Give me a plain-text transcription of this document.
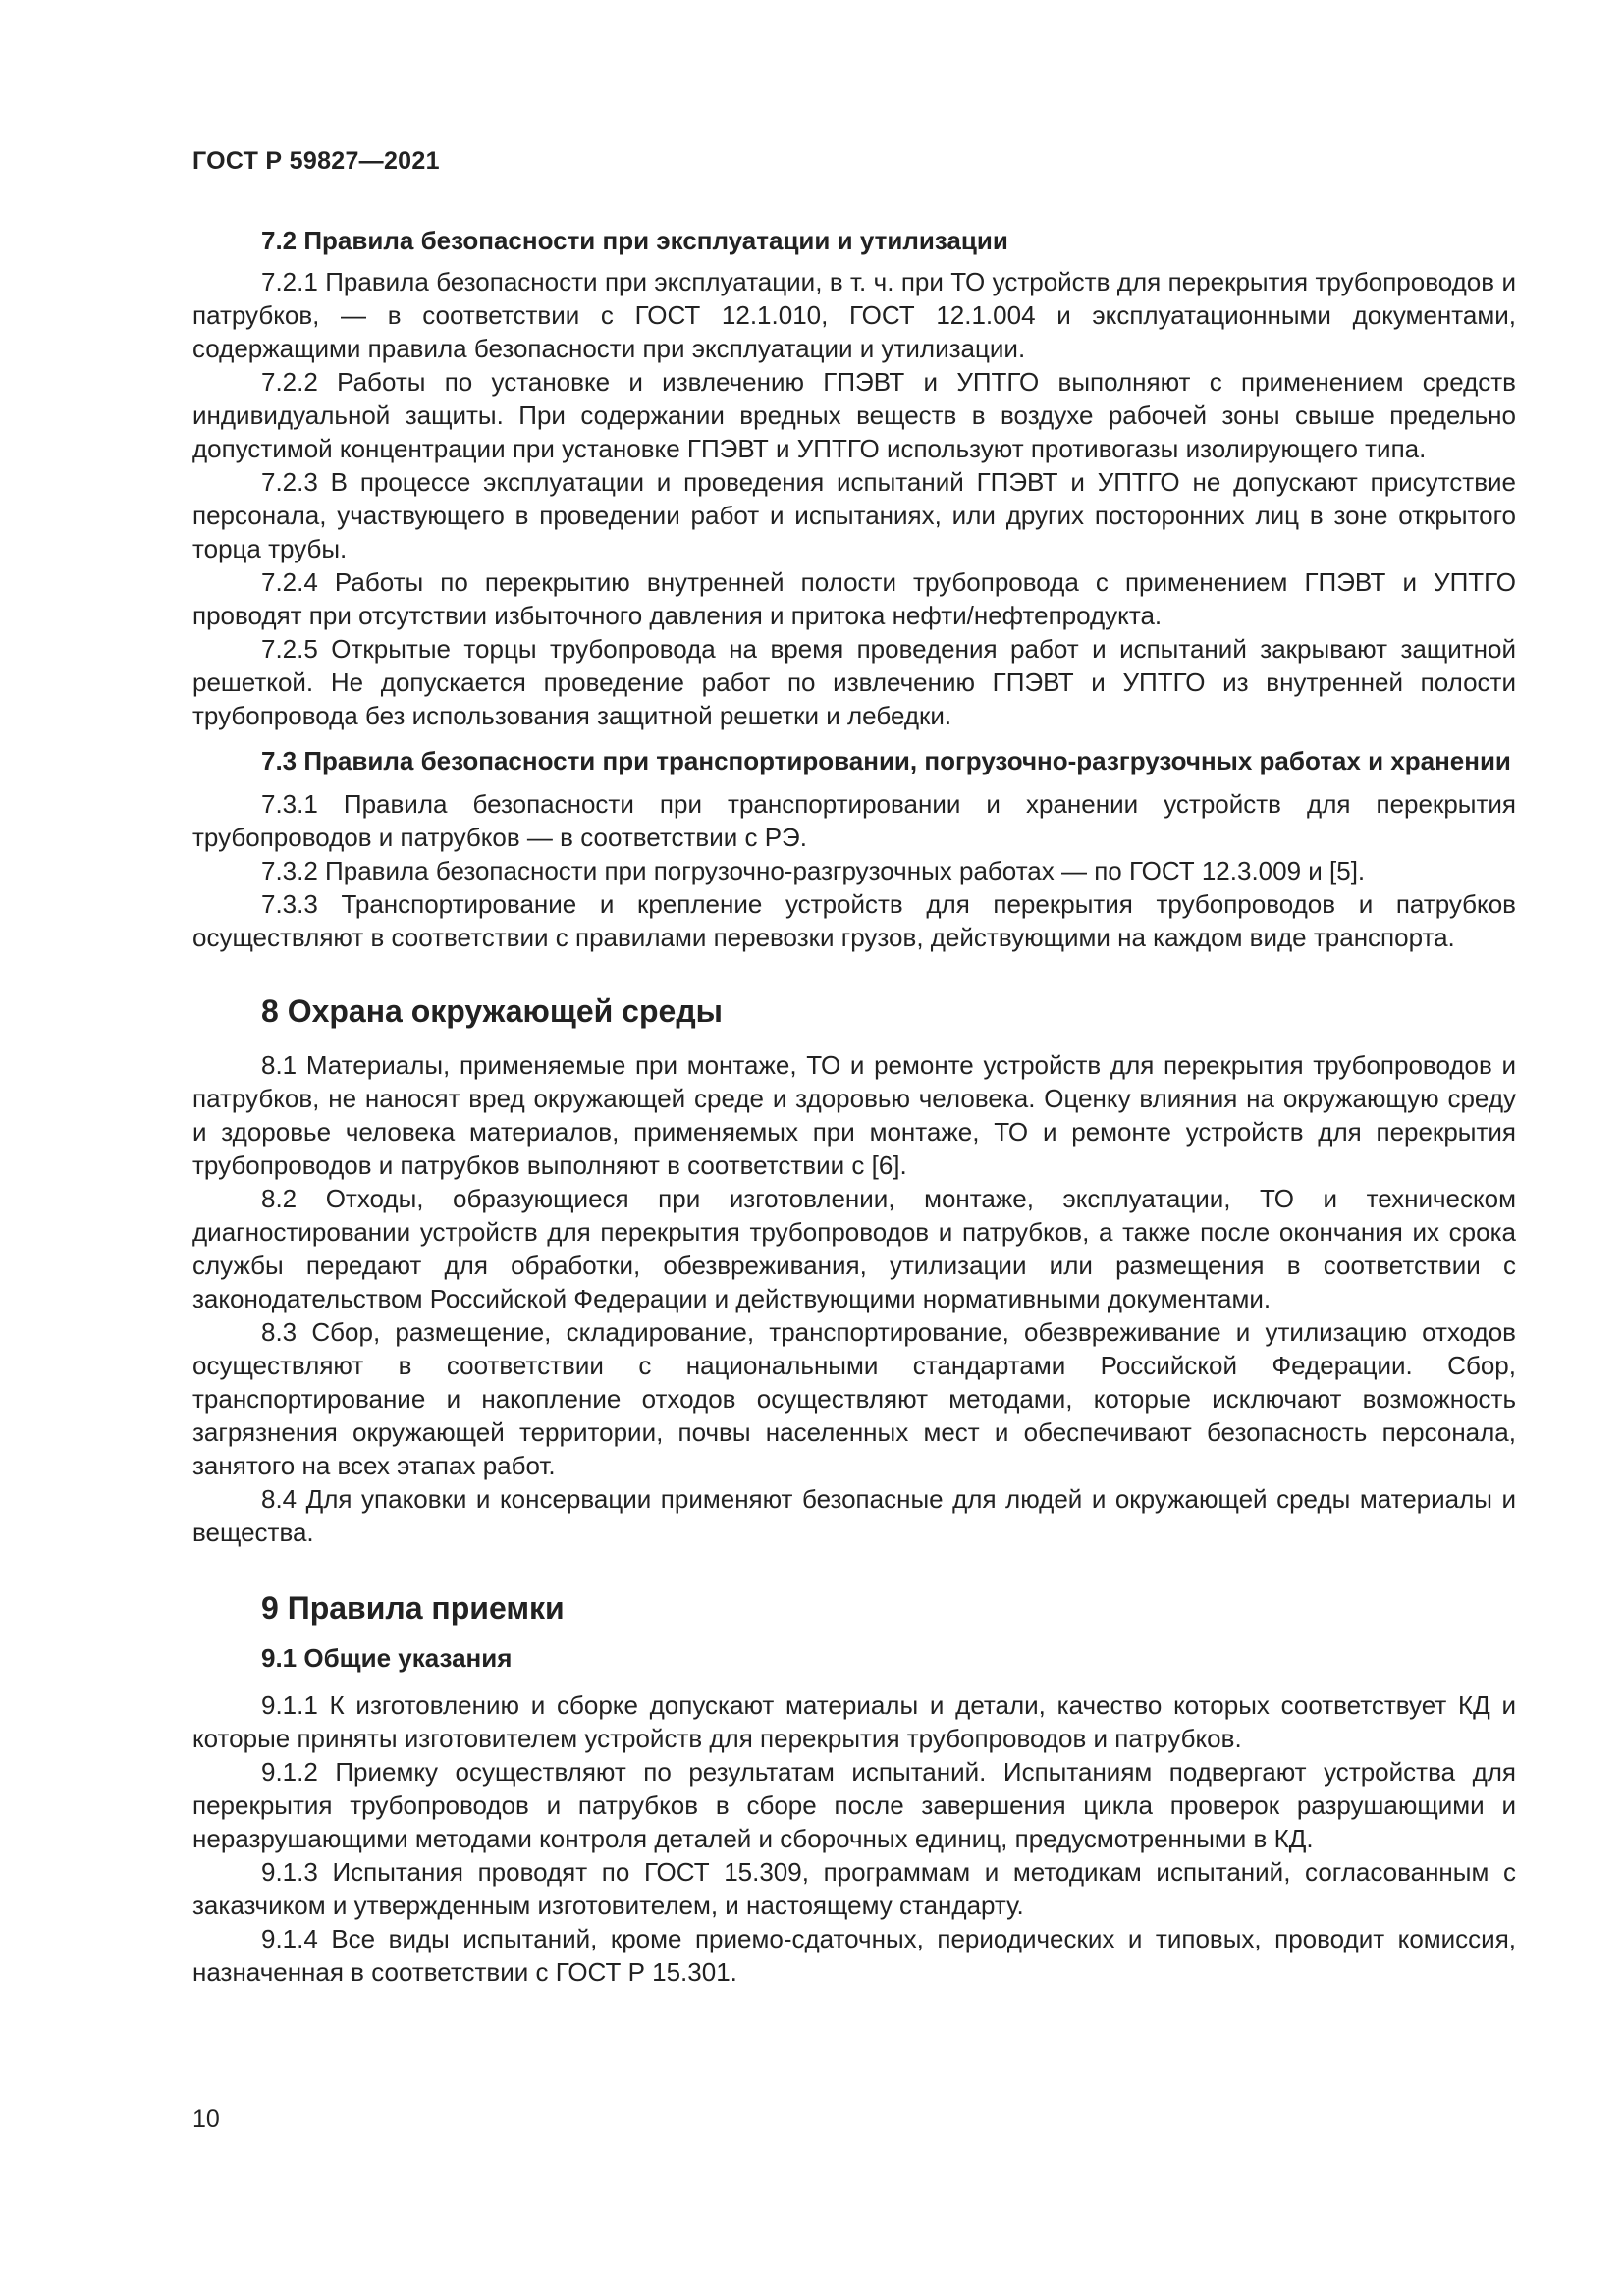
ГОСТ Р 59827—2021

7.2 Правила безопасности при эксплуатации и утилизации

7.2.1 Правила безопасности при эксплуатации, в т. ч. при ТО устройств для перекрытия трубопроводов и патрубков, — в соответствии с ГОСТ 12.1.010, ГОСТ 12.1.004 и эксплуатационными документами, содержащими правила безопасности при эксплуатации и утилизации.

7.2.2 Работы по установке и извлечению ГПЭВТ и УПТГО выполняют с применением средств индивидуальной защиты. При содержании вредных веществ в воздухе рабочей зоны свыше предельно допустимой концентрации при установке ГПЭВТ и УПТГО используют противогазы изолирующего типа.

7.2.3 В процессе эксплуатации и проведения испытаний ГПЭВТ и УПТГО не допускают присутствие персонала, участвующего в проведении работ и испытаниях, или других посторонних лиц в зоне открытого торца трубы.

7.2.4 Работы по перекрытию внутренней полости трубопровода с применением ГПЭВТ и УПТГО проводят при отсутствии избыточного давления и притока нефти/нефтепродукта.

7.2.5 Открытые торцы трубопровода на время проведения работ и испытаний закрывают защитной решеткой. Не допускается проведение работ по извлечению ГПЭВТ и УПТГО из внутренней полости трубопровода без использования защитной решетки и лебедки.

7.3 Правила безопасности при транспортировании, погрузочно-разгрузочных работах и хранении

7.3.1 Правила безопасности при транспортировании и хранении устройств для перекрытия трубопроводов и патрубков — в соответствии с РЭ.

7.3.2 Правила безопасности при погрузочно-разгрузочных работах — по ГОСТ 12.3.009 и [5].

7.3.3 Транспортирование и крепление устройств для перекрытия трубопроводов и патрубков осуществляют в соответствии с правилами перевозки грузов, действующими на каждом виде транспорта.

8 Охрана окружающей среды

8.1 Материалы, применяемые при монтаже, ТО и ремонте устройств для перекрытия трубопроводов и патрубков, не наносят вред окружающей среде и здоровью человека. Оценку влияния на окружающую среду и здоровье человека материалов, применяемых при монтаже, ТО и ремонте устройств для перекрытия трубопроводов и патрубков выполняют в соответствии с [6].

8.2 Отходы, образующиеся при изготовлении, монтаже, эксплуатации, ТО и техническом диагностировании устройств для перекрытия трубопроводов и патрубков, а также после окончания их срока службы передают для обработки, обезвреживания, утилизации или размещения в соответствии с законодательством Российской Федерации и действующими нормативными документами.

8.3 Сбор, размещение, складирование, транспортирование, обезвреживание и утилизацию отходов осуществляют в соответствии с национальными стандартами Российской Федерации. Сбор, транспортирование и накопление отходов осуществляют методами, которые исключают возможность загрязнения окружающей территории, почвы населенных мест и обеспечивают безопасность персонала, занятого на всех этапах работ.

8.4 Для упаковки и консервации применяют безопасные для людей и окружающей среды материалы и вещества.

9 Правила приемки

9.1 Общие указания

9.1.1 К изготовлению и сборке допускают материалы и детали, качество которых соответствует КД и которые приняты изготовителем устройств для перекрытия трубопроводов и патрубков.

9.1.2 Приемку осуществляют по результатам испытаний. Испытаниям подвергают устройства для перекрытия трубопроводов и патрубков в сборе после завершения цикла проверок разрушающими и неразрушающими методами контроля деталей и сборочных единиц, предусмотренными в КД.

9.1.3 Испытания проводят по ГОСТ 15.309, программам и методикам испытаний, согласованным с заказчиком и утвержденным изготовителем, и настоящему стандарту.

9.1.4 Все виды испытаний, кроме приемо-сдаточных, периодических и типовых, проводит комиссия, назначенная в соответствии с ГОСТ Р 15.301.

10
